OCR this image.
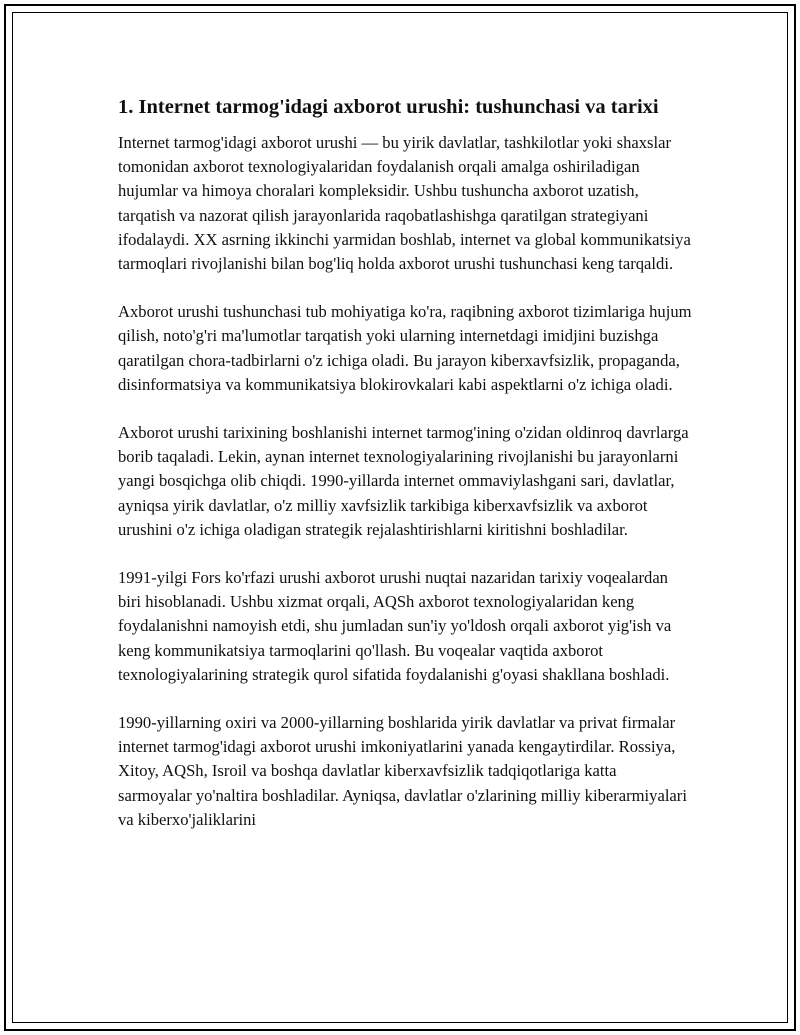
1. Internet tarmog'idagi axborot urushi: tushunchasi va tarixi

Internet tarmog'idagi axborot urushi — bu yirik davlatlar, tashkilotlar yoki shaxslar tomonidan axborot texnologiyalaridan foydalanish orqali amalga oshiriladigan hujumlar va himoya choralari kompleksidir. Ushbu tushuncha axborot uzatish, tarqatish va nazorat qilish jarayonlarida raqobatlashishga qaratilgan strategiyani ifodalaydi. XX asrning ikkinchi yarmidan boshlab, internet va global kommunikatsiya tarmoqlari rivojlanishi bilan bog'liq holda axborot urushi tushunchasi keng tarqaldi.

Axborot urushi tushunchasi tub mohiyatiga ko'ra, raqibning axborot tizimlariga hujum qilish, noto'g'ri ma'lumotlar tarqatish yoki ularning internetdagi imidjini buzishga qaratilgan chora-tadbirlarni o'z ichiga oladi. Bu jarayon kiberxavfsizlik, propaganda, disinformatsiya va kommunikatsiya blokirovkalari kabi aspektlarni o'z ichiga oladi.

Axborot urushi tarixining boshlanishi internet tarmog'ining o'zidan oldinroq davrlarga borib taqaladi. Lekin, aynan internet texnologiyalarining rivojlanishi bu jarayonlarni yangi bosqichga olib chiqdi. 1990-yillarda internet ommaviylashgani sari, davlatlar, ayniqsa yirik davlatlar, o'z milliy xavfsizlik tarkibiga kiberxavfsizlik va axborot urushini o'z ichiga oladigan strategik rejalashtirishlarni kiritishni boshladilar.

1991-yilgi Fors ko'rfazi urushi axborot urushi nuqtai nazaridan tarixiy voqealardan biri hisoblanadi. Ushbu xizmat orqali, AQSh axborot texnologiyalaridan keng foydalanishni namoyish etdi, shu jumladan sun'iy yo'ldosh orqali axborot yig'ish va keng kommunikatsiya tarmoqlarini qo'llash. Bu voqealar vaqtida axborot texnologiyalarining strategik qurol sifatida foydalanishi g'oyasi shakllana boshladi.

1990-yillarning oxiri va 2000-yillarning boshlarida yirik davlatlar va privat firmalar internet tarmog'idagi axborot urushi imkoniyatlarini yanada kengaytirdilar. Rossiya, Xitoy, AQSh, Isroil va boshqa davlatlar kiberxavfsizlik tadqiqotlariga katta sarmoyalar yo'naltira boshladilar. Ayniqsa, davlatlar o'zlarining milliy kiberarmiyalari va kiberxo'jaliklarini
